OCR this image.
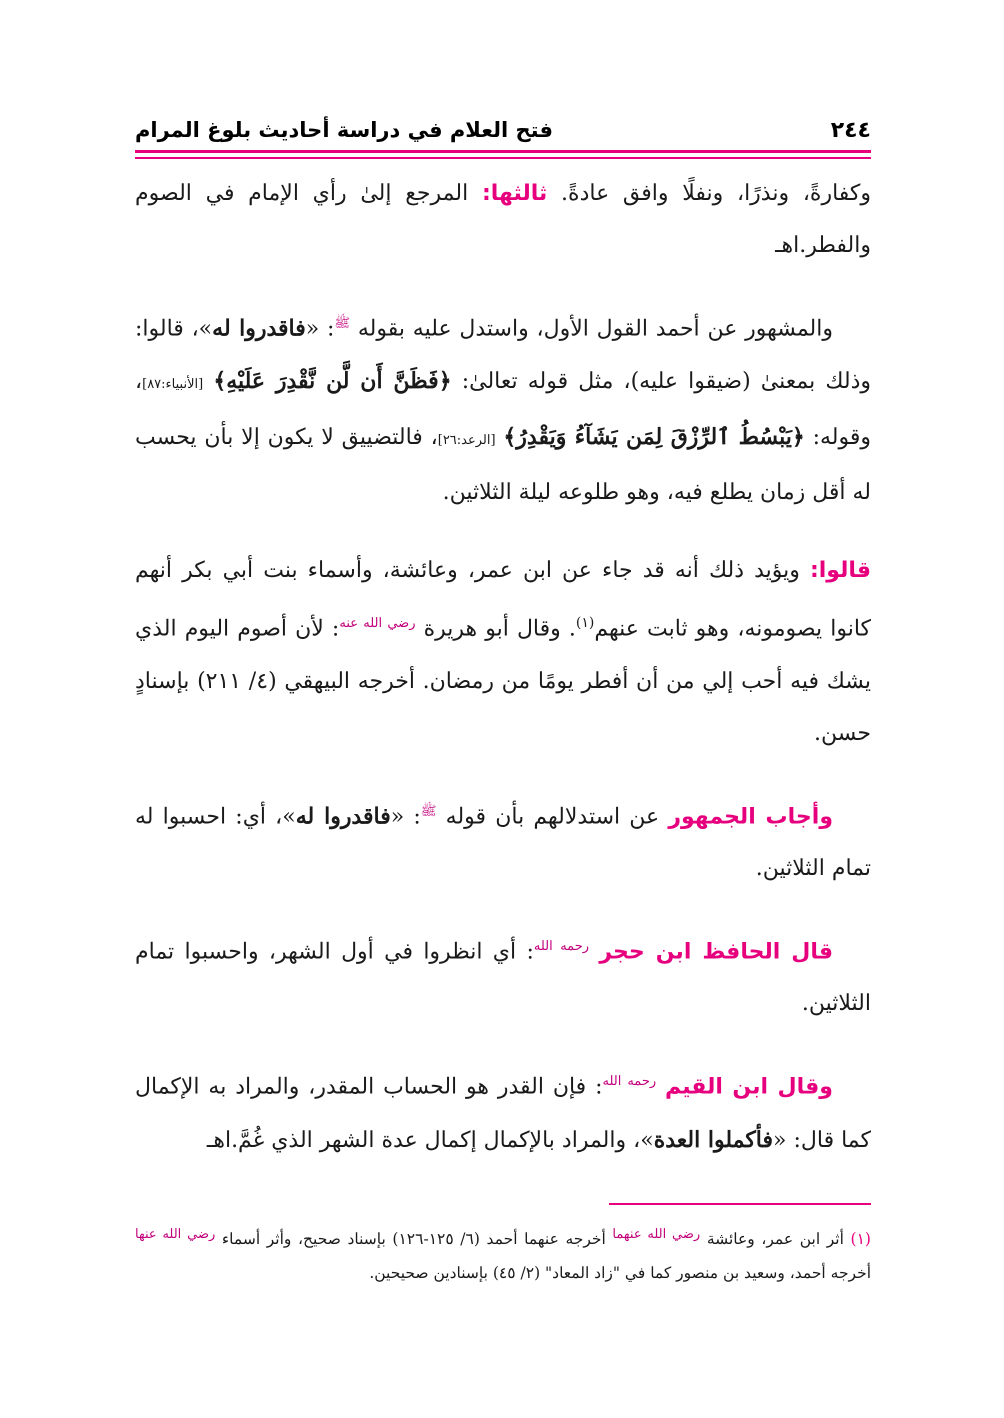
٢٤٤
فتح العلام في دراسة أحاديث بلوغ المرام

وكفارةً، ونذرًا، ونفلًا وافق عادةً. ثالثها: المرجع إلىٰ رأي الإمام في الصوم والفطر.اهـ

والمشهور عن أحمد القول الأول، واستدل عليه بقوله $^ﷺ$: «فاقدروا له»، قالوا: وذلك بمعنىٰ (ضيقوا عليه)، مثل قوله تعالىٰ: ﴿فَظَنَّ أَن لَّن نَّقْدِرَ عَلَيْهِ﴾ [الأنبياء:٨٧]، وقوله: ﴿يَبْسُطُ ٱلرِّزْقَ لِمَن يَشَآءُ وَيَقْدِرُ﴾ [الرعد:٢٦]، فالتضييق لا يكون إلا بأن يحسب له أقل زمان يطلع فيه، وهو طلوعه ليلة الثلاثين.

قالوا: ويؤيد ذلك أنه قد جاء عن ابن عمر، وعائشة، وأسماء بنت أبي بكر أنهم كانوا يصومونه، وهو ثابت عنهم$^{(١)}$. وقال أبو هريرة $^{رضي الله عنه}$: لأن أصوم اليوم الذي يشك فيه أحب إلي من أن أفطر يومًا من رمضان. أخرجه البيهقي (٤/ ٢١١) بإسنادٍ حسن.

وأجاب الجمهور عن استدلالهم بأن قوله $^ﷺ$: «فاقدروا له»، أي: احسبوا له تمام الثلاثين.

قال الحافظ ابن حجر $^{رحمه الله}$: أي انظروا في أول الشهر، واحسبوا تمام الثلاثين.

وقال ابن القيم $^{رحمه الله}$: فإن القدر هو الحساب المقدر، والمراد به الإكمال كما قال: «فأكملوا العدة»، والمراد بالإكمال إكمال عدة الشهر الذي غُمَّ.اهـ

(١) أثر ابن عمر، وعائشة $^{رضي الله عنهما}$ أخرجه عنهما أحمد (٦/ ١٢٥-١٢٦) بإسناد صحيح، وأثر أسماء $^{رضي الله عنها}$ أخرجه أحمد، وسعيد بن منصور كما في "زاد المعاد" (٢/ ٤٥) بإسنادين صحيحين.
